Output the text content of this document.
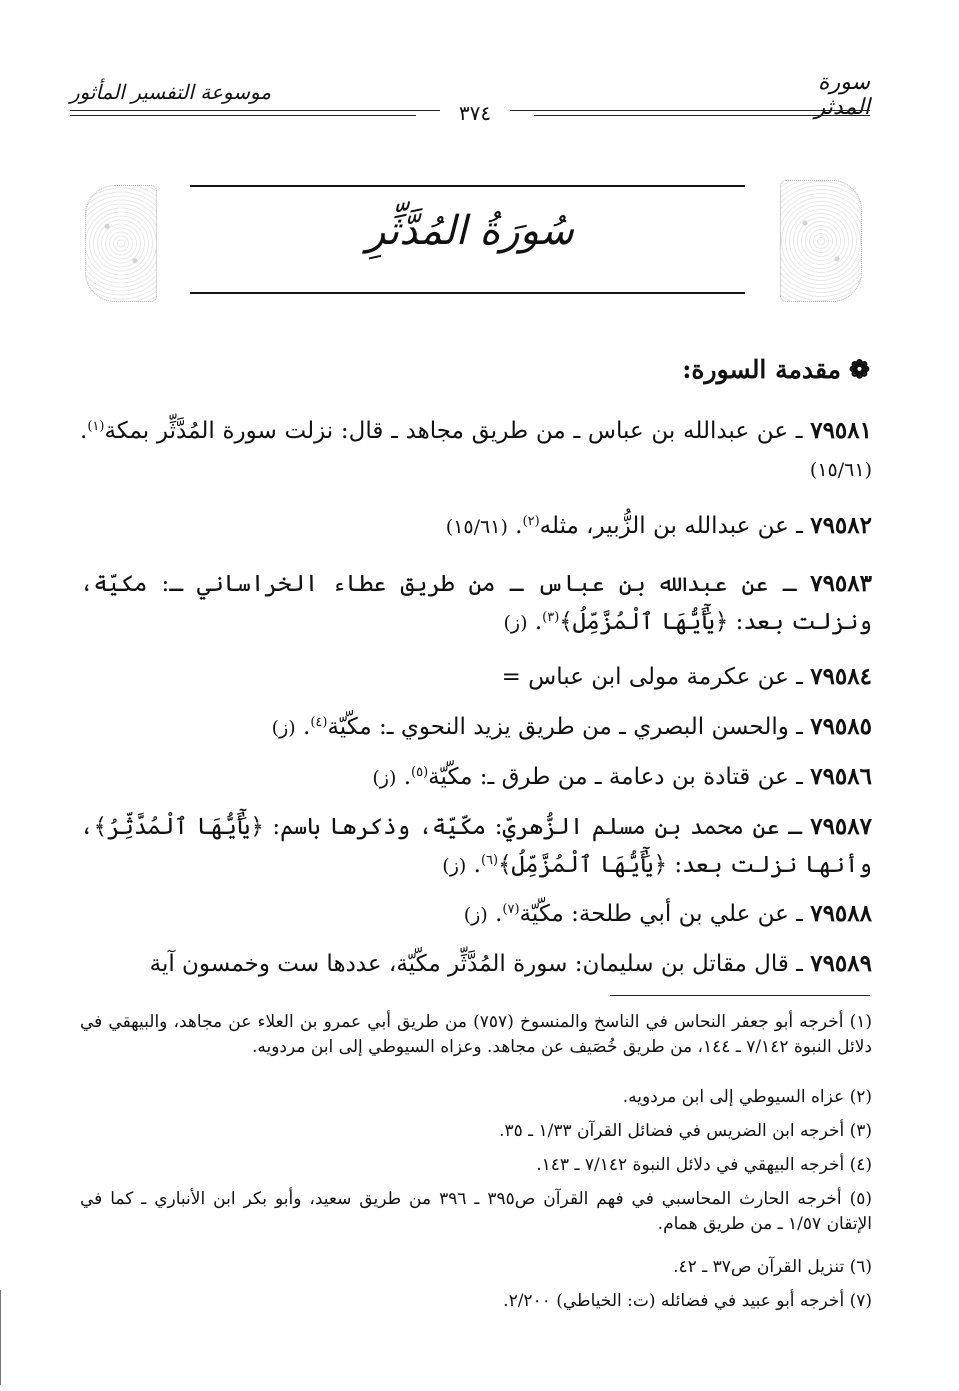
سورة المدثر
موسوعة التفسير المأثور
٣٧٤
سُورَةُ المُدَّثِّرِ
❁مقدمة السورة:
٧٩٥٨١ ـ عن عبدالله بن عباس ـ من طريق مجاهد ـ قال: نزلت سورة المُدَّثِّر بمكة$^{(١)}$. (١٥/٦١)
٧٩٥٨٢ ـ عن عبدالله بن الزُّبير، مثله$^{(٢)}$. (١٥/٦١)
٧٩٥٨٣ ـ عن عبدالله بن عباس ـ من طريق عطاء الخراساني ـ: مكيّة، ونزلت بعد: ﴿يَٰٓأَيُّهَا ٱلْمُزَّمِّلُ﴾$^{(٣)}$. (ز)
٧٩٥٨٤ ـ عن عكرمة مولى ابن عباس =
٧٩٥٨٥ ـ والحسن البصري ـ من طريق يزيد النحوي ـ: مكّيّة$^{(٤)}$. (ز)
٧٩٥٨٦ ـ عن قتادة بن دعامة ـ من طرق ـ: مكّيّة$^{(٥)}$. (ز)
٧٩٥٨٧ ـ عن محمد بن مسلم الزُّهريّ: مكّيّة، وذكرها باسم: ﴿يَٰٓأَيُّهَا ٱلْمُدَّثِّرُ﴾، وأنها نزلت بعد: ﴿يَٰٓأَيُّهَا ٱلْمُزَّمِّلُ﴾$^{(٦)}$. (ز)
٧٩٥٨٨ ـ عن علي بن أبي طلحة: مكّيّة$^{(٧)}$. (ز)
٧٩٥٨٩ ـ قال مقاتل بن سليمان: سورة المُدَّثِّر مكّيّة، عددها ست وخمسون آية
(١) أخرجه أبو جعفر النحاس في الناسخ والمنسوخ (٧٥٧) من طريق أبي عمرو بن العلاء عن مجاهد، والبيهقي في دلائل النبوة ٧/١٤٢ ـ ١٤٤، من طريق خُصَيف عن مجاهد. وعزاه السيوطي إلى ابن مردويه.
(٢) عزاه السيوطي إلى ابن مردويه.
(٣) أخرجه ابن الضريس في فضائل القرآن ١/٣٣ ـ ٣٥.
(٤) أخرجه البيهقي في دلائل النبوة ٧/١٤٢ ـ ١٤٣.
(٥) أخرجه الحارث المحاسبي في فهم القرآن ص٣٩٥ ـ ٣٩٦ من طريق سعيد، وأبو بكر ابن الأنباري ـ كما في الإتقان ١/٥٧ ـ من طريق همام.
(٦) تنزيل القرآن ص٣٧ ـ ٤٢.
(٧) أخرجه أبو عبيد في فضائله (ت: الخياطي) ٢/٢٠٠.
